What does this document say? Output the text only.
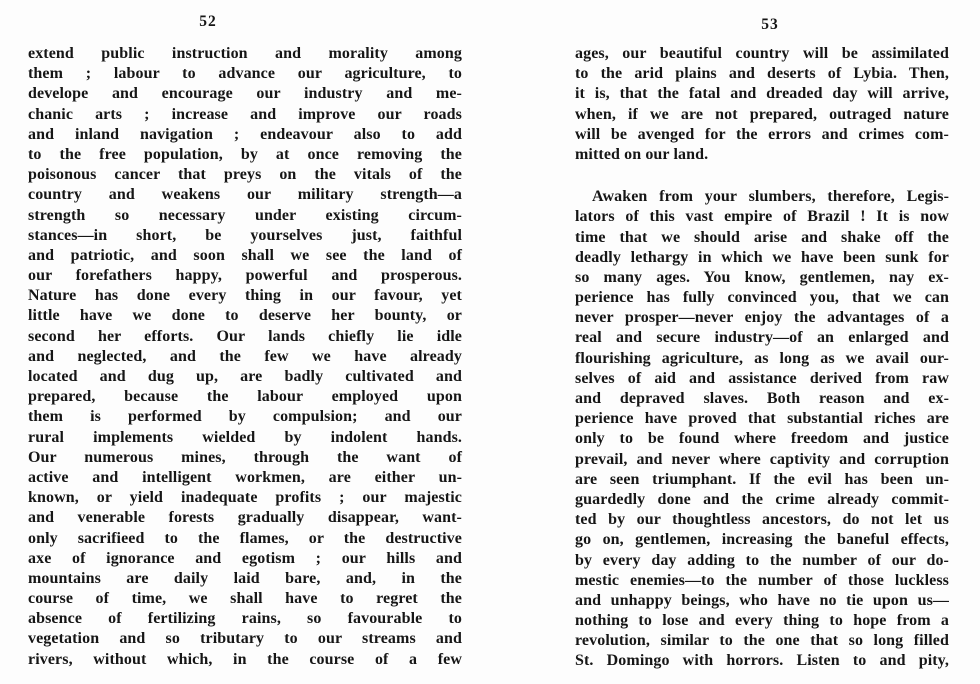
52	53
extend public instruction and morality among
them ; labour to advance our agriculture, to
develope and encourage our industry and me-
chanic arts ; increase and improve our roads
and inland navigation ; endeavour also to add
to the free population, by at once removing the
poisonous cancer that preys on the vitals of the
country and weakens our military strength—a
strength so necessary under existing circum-
stances—in short, be yourselves just, faithful
and patriotic, and soon shall we see the land of
our forefathers happy, powerful and prosperous.
Nature has done every thing in our favour, yet
little have we done to deserve her bounty, or
second her efforts. Our lands chiefly lie idle
and neglected, and the few we have already
located and dug up, are badly cultivated and
prepared, because the labour employed upon
them is performed by compulsion; and our
rural implements wielded by indolent hands.
Our numerous mines, through the want of
active and intelligent workmen, are either un-
known, or yield inadequate profits ; our majestic
and venerable forests gradually disappear, want-
only sacrifieed to the flames, or the destructive
axe of ignorance and egotism ; our hills and
mountains are daily laid bare, and, in the
course of time, we shall have to regret the
absence of fertilizing rains, so favourable to
vegetation and so tributary to our streams and
rivers, without which, in the course of a few
ages, our beautiful country will be assimilated
to the arid plains and deserts of Lybia. Then,
it is, that the fatal and dreaded day will arrive,
when, if we are not prepared, outraged nature
will be avenged for the errors and crimes com-
mitted on our land.
Awaken from your slumbers, therefore, Legis-
lators of this vast empire of Brazil ! It is now
time that we should arise and shake off the
deadly lethargy in which we have been sunk for
so many ages. You know, gentlemen, nay ex-
perience has fully convinced you, that we can
never prosper—never enjoy the advantages of a
real and secure industry—of an enlarged and
flourishing agriculture, as long as we avail our-
selves of aid and assistance derived from raw
and depraved slaves. Both reason and ex-
perience have proved that substantial riches are
only to be found where freedom and justice
prevail, and never where captivity and corruption
are seen triumphant. If the evil has been un-
guardedly done and the crime already commit-
ted by our thoughtless ancestors, do not let us
go on, gentlemen, increasing the baneful effects,
by every day adding to the number of our do-
mestic enemies—to the number of those luckless
and unhappy beings, who have no tie upon us—
nothing to lose and every thing to hope from a
revolution, similar to the one that so long filled
St. Domingo with horrors. Listen to and pity,
